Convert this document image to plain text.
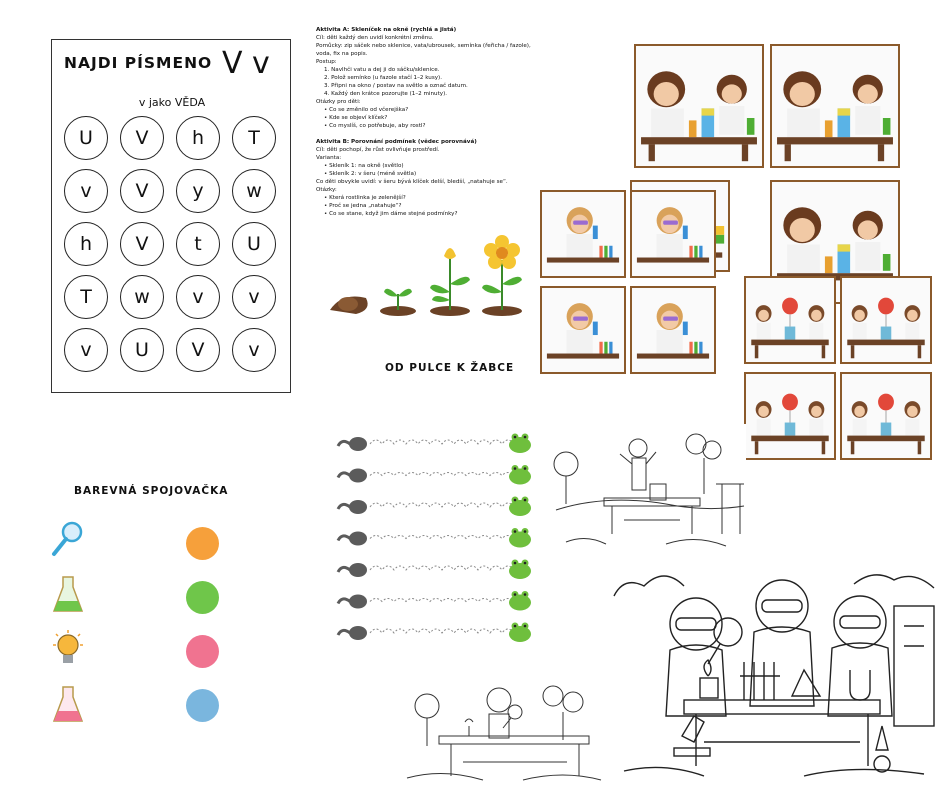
NAJDI PÍSMENO V v
v jako VĚDA
U	V	h	T
v	V	y	w
h	V	t	U
T	w	v	v
v	U	V	v
Aktivita A: Skleníček na okně (rychlá a jistá)
Cíl: děti každý den uvidí konkrétní změnu.
Pomůcky: zip sáček nebo sklenice, vata/ubrousek, semínka (řeřicha / fazole), voda, fix na popis.
Postup:
1. Navlhči vatu a dej ji do sáčku/sklenice.
2. Polož semínko (u fazole stačí 1–2 kusy).
3. Připni na okno / postav na světlo a označ datum.
4. Každý den krátce pozorujte (1–2 minuty).
Otázky pro děti:
• Co se změnilo od včerejška?
• Kde se objeví klíček?
• Co myslíš, co potřebuje, aby rostl?

Aktivita B: Porovnání podmínek (vědec porovnává)
Cíl: děti pochopí, že růst ovlivňuje prostředí.
Varianta:
• Skleník 1: na okně (světlo)
• Skleník 2: v šeru (méně světla)
Co děti obvykle uvidí: v šeru bývá klíček delší, bledší, „natahuje se“.
Otázky:
• Která rostlinka je zelenější?
• Proč se jedna „natahuje“?
• Co se stane, když jim dáme stejné podmínky?
OD PULCE K ŽABCE
BAREVNÁ SPOJOVAČKA
